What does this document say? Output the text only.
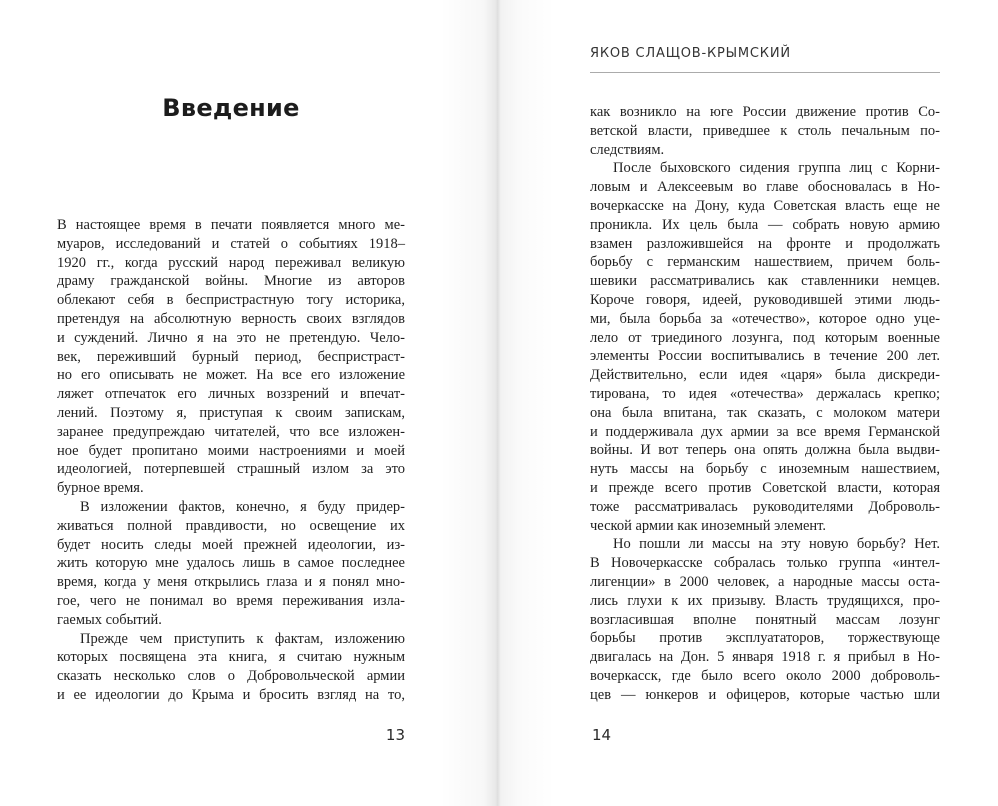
Введение
В настоящее время в печати появляется много ме-
муаров, исследований и статей о событиях 1918–
1920 гг., когда русский народ переживал великую
драму гражданской войны. Многие из авторов
облекают себя в беспристрастную тогу историка,
претендуя на абсолютную верность своих взглядов
и суждений. Лично я на это не претендую. Чело-
век, переживший бурный период, беспристраст-
но его описывать не может. На все его изложение
ляжет отпечаток его личных воззрений и впечат-
лений. Поэтому я, приступая к своим запискам,
заранее предупреждаю читателей, что все изложен-
ное будет пропитано моими настроениями и моей
идеологией, потерпевшей страшный излом за это
бурное время.
В изложении фактов, конечно, я буду придер-
живаться полной правдивости, но освещение их
будет носить следы моей прежней идеологии, из-
жить которую мне удалось лишь в самое последнее
время, когда у меня открылись глаза и я понял мно-
гое, чего не понимал во время переживания изла-
гаемых событий.
Прежде чем приступить к фактам, изложению
которых посвящена эта книга, я считаю нужным
сказать несколько слов о Добровольческой армии
и ее идеологии до Крыма и бросить взгляд на то,
13
ЯКОВ СЛАЩОВ-КРЫМСКИЙ
как возникло на юге России движение против Со-
ветской власти, приведшее к столь печальным по-
следствиям.
После быховского сидения группа лиц с Корни-
ловым и Алексеевым во главе обосновалась в Но-
вочеркасске на Дону, куда Советская власть еще не
проникла. Их цель была — собрать новую армию
взамен разложившейся на фронте и продолжать
борьбу с германским нашествием, причем боль-
шевики рассматривались как ставленники немцев.
Короче говоря, идеей, руководившей этими людь-
ми, была борьба за «отечество», которое одно уце-
лело от триединого лозунга, под которым военные
элементы России воспитывались в течение 200 лет.
Действительно, если идея «царя» была дискреди-
тирована, то идея «отечества» держалась крепко;
она была впитана, так сказать, с молоком матери
и поддерживала дух армии за все время Германской
войны. И вот теперь она опять должна была выдви-
нуть массы на борьбу с иноземным нашествием,
и прежде всего против Советской власти, которая
тоже рассматривалась руководителями Доброволь-
ческой армии как иноземный элемент.
Но пошли ли массы на эту новую борьбу? Нет.
В Новочеркасске собралась только группа «интел-
лигенции» в 2000 человек, а народные массы оста-
лись глухи к их призыву. Власть трудящихся, про-
возгласившая вполне понятный массам лозунг
борьбы против эксплуататоров, торжествующе
двигалась на Дон. 5 января 1918 г. я прибыл в Но-
вочеркасск, где было всего около 2000 доброволь-
цев — юнкеров и офицеров, которые частью шли
14
